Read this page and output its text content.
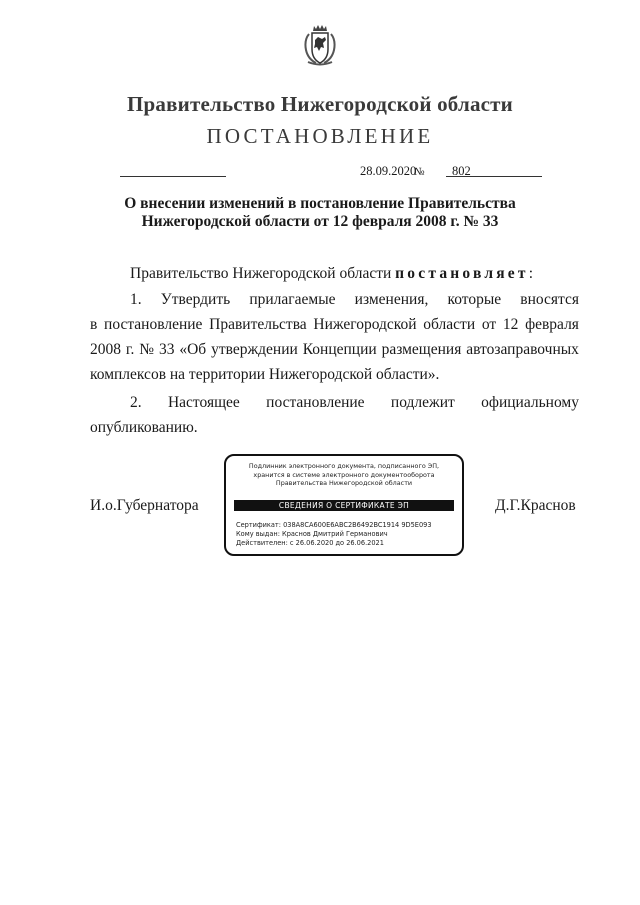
Правительство Нижегородской области
ПОСТАНОВЛЕНИЕ
28.09.2020
№ 802
О внесении изменений в постановление Правительства
Нижегородской области от 12 февраля 2008 г. № 33
Правительство Нижегородской области постановляет:
1. Утвердить прилагаемые изменения, которые вносятся
в постановление Правительства Нижегородской области от 12 февраля
2008 г. № 33 «Об утверждении Концепции размещения автозаправочных
комплексов на территории Нижегородской области».
2. Настоящее постановление подлежит официальному
опубликованию.
И.о.Губернатора	Д.Г.Краснов
Подлинник электронного документа, подписанного ЭП,
хранится в системе электронного документооборота
Правительства Нижегородской области
СВЕДЕНИЯ О СЕРТИФИКАТЕ ЭП
Сертификат: 038A8CA600E6ABC2B6492BC1914 9D5E093
Кому выдан: Краснов Дмитрий Германович
Действителен: с 26.06.2020 до 26.06.2021
